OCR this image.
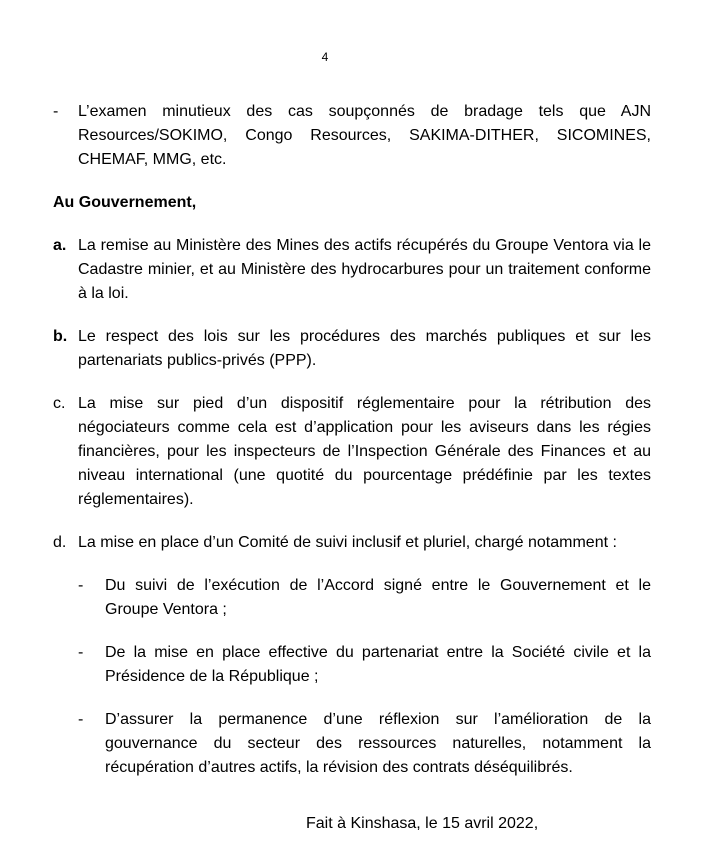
4
-	L’examen minutieux des cas soupçonnés de bradage tels que AJN Resources/SOKIMO, Congo Resources, SAKIMA-DITHER, SICOMINES, CHEMAF, MMG, etc.
Au Gouvernement,
a. La remise au Ministère des Mines des actifs récupérés du Groupe Ventora via le Cadastre minier, et au Ministère des hydrocarbures pour un traitement conforme à la loi.
b. Le respect des lois sur les procédures des marchés publiques et sur les partenariats publics-privés (PPP).
c. La mise sur pied d’un dispositif réglementaire pour la rétribution des négociateurs comme cela est d’application pour les aviseurs dans les régies financières, pour les inspecteurs de l’Inspection Générale des Finances et au niveau international (une quotité du pourcentage prédéfinie par les textes réglementaires).
d. La mise en place d’un Comité de suivi inclusif et pluriel, chargé notamment :
-	Du suivi de l’exécution de l’Accord signé entre le Gouvernement et le Groupe Ventora ;
-	De la mise en place effective du partenariat entre la Société civile et la Présidence de la République ;
-	D’assurer la permanence d’une réflexion sur l’amélioration de la gouvernance du secteur des ressources naturelles, notamment la récupération d’autres actifs, la révision des contrats déséquilibrés.
Fait à Kinshasa, le 15 avril 2022,
